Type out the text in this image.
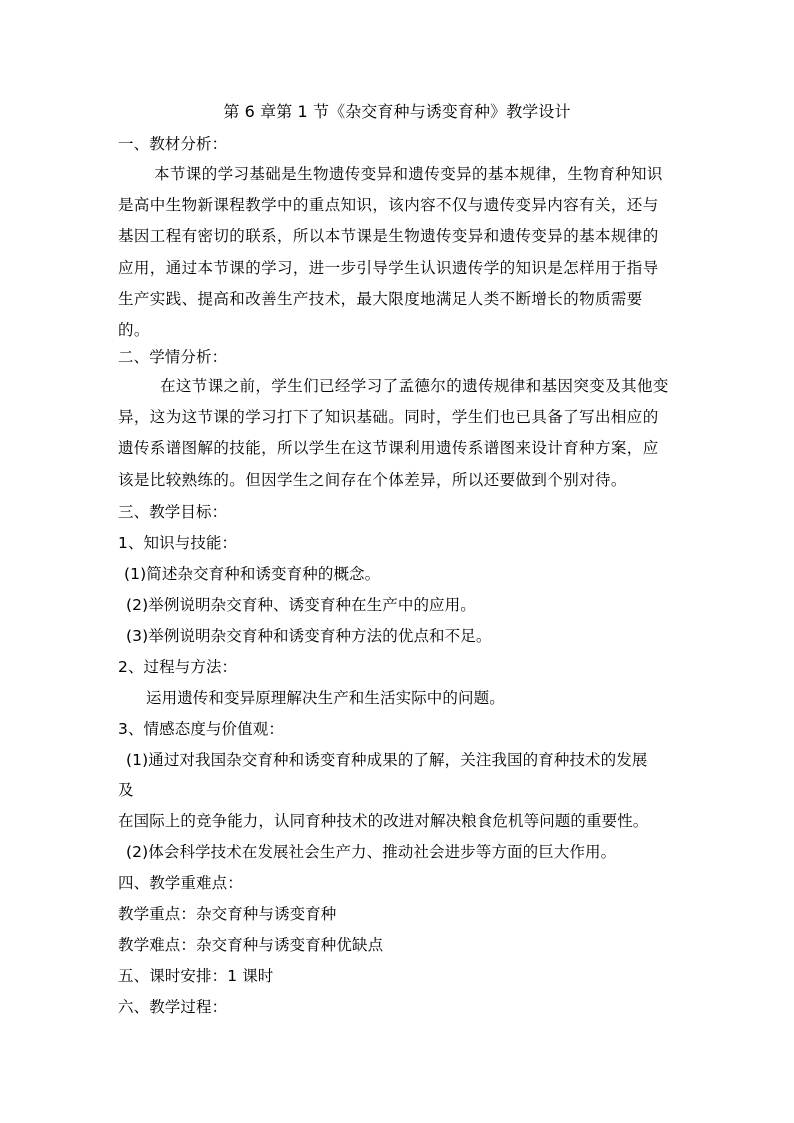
第 6 章第 1 节《杂交育种与诱变育种》教学设计
一、教材分析：

本节课的学习基础是生物遗传变异和遗传变异的基本规律，生物育种知识

是高中生物新课程教学中的重点知识，该内容不仅与遗传变异内容有关，还与

基因工程有密切的联系，所以本节课是生物遗传变异和遗传变异的基本规律的

应用，通过本节课的学习，进一步引导学生认识遗传学的知识是怎样用于指导

生产实践、提高和改善生产技术，最大限度地满足人类不断增长的物质需要

的。

二、学情分析：

在这节课之前，学生们已经学习了孟德尔的遗传规律和基因突变及其他变

异，这为这节课的学习打下了知识基础。同时，学生们也已具备了写出相应的

遗传系谱图解的技能，所以学生在这节课利用遗传系谱图来设计育种方案，应

该是比较熟练的。但因学生之间存在个体差异，所以还要做到个别对待。

三、教学目标：
1、知识与技能：
(1)简述杂交育种和诱变育种的概念。
(2)举例说明杂交育种、诱变育种在生产中的应用。
(3)举例说明杂交育种和诱变育种方法的优点和不足。
2、过程与方法：
运用遗传和变异原理解决生产和生活实际中的问题。
3、情感态度与价值观：
(1)通过对我国杂交育种和诱变育种成果的了解，关注我国的育种技术的发展
及
在国际上的竞争能力，认同育种技术的改进对解决粮食危机等问题的重要性。
(2)体会科学技术在发展社会生产力、推动社会进步等方面的巨大作用。
四、教学重难点：
教学重点：杂交育种与诱变育种
教学难点：杂交育种与诱变育种优缺点
五、课时安排：1 课时
六、教学过程：
